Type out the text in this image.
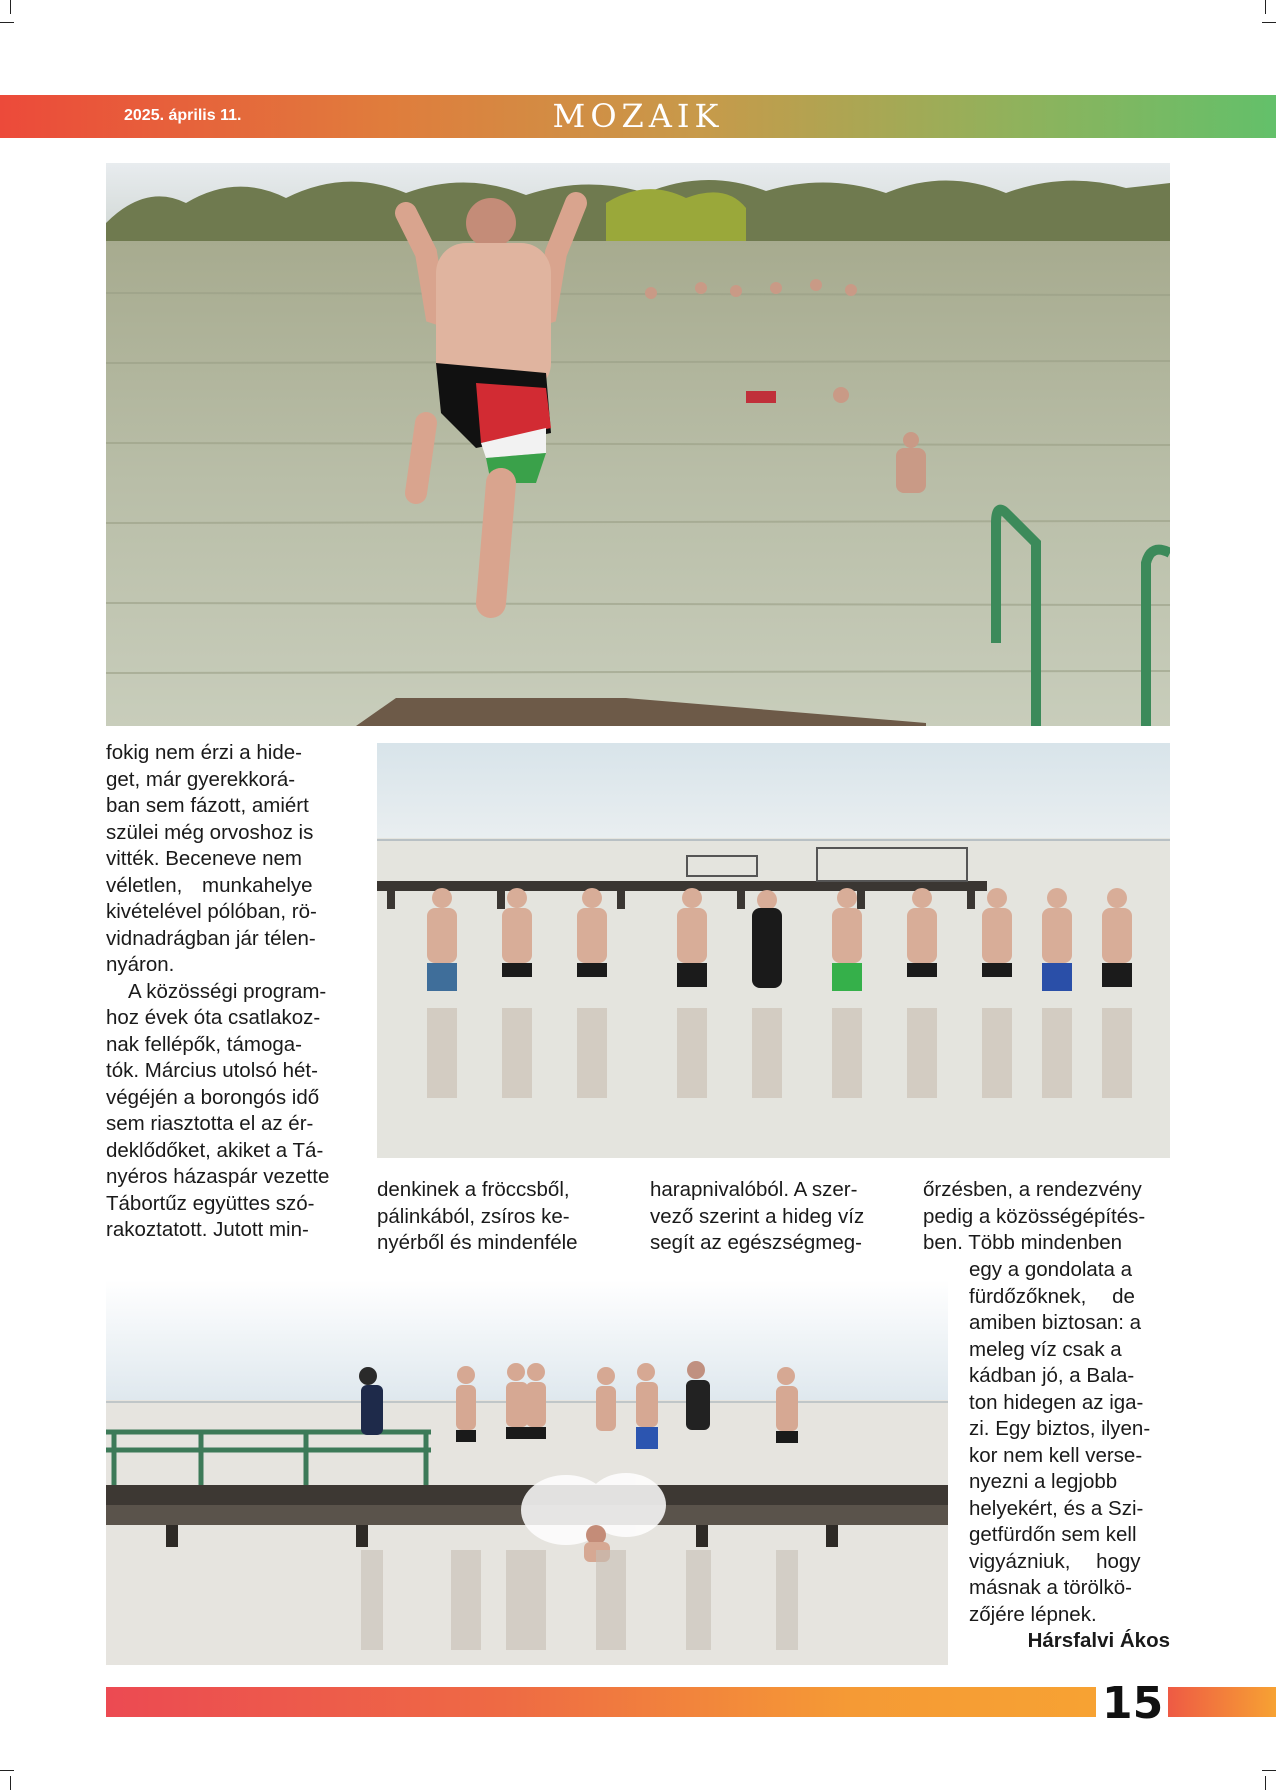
2025. április 11.	MOZAIK

fokig nem érzi a hide-

get, már gyerekkorá-

ban sem fázott, amiért

szülei még orvoshoz is

vitték. Beceneve nem

véletlen, munkahelye

kivételével pólóban, rö-

vidnadrágban jár télen-

nyáron.

A közösségi program-

hoz évek óta csatlakoz-

nak fellépők, támoga-

tók. Március utolsó hét-

végéjén a borongós idő

sem riasztotta el az ér-

deklődőket, akiket a Tá-

nyéros házaspár vezette

Tábortűz együttes szó-

rakoztatott. Jutott min-

denkinek a fröccsből,

pálinkából, zsíros ke-

nyérből és mindenféle

harapnivalóból. A szer-

vező szerint a hideg víz

segít az egészségmeg-

őrzésben, a rendezvény

pedig a közösségépítés-

ben. Több mindenben

egy a gondolata a

fürdőzőknek, de

amiben biztosan: a

meleg víz csak a

kádban jó, a Bala-

ton hidegen az iga-

zi. Egy biztos, ilyen-

kor nem kell verse-

nyezni a legjobb

helyekért, és a Szi-

getfürdőn sem kell

vigyázniuk, hogy

másnak a törölkö-

zőjére lépnek.

Hársfalvi Ákos

15
